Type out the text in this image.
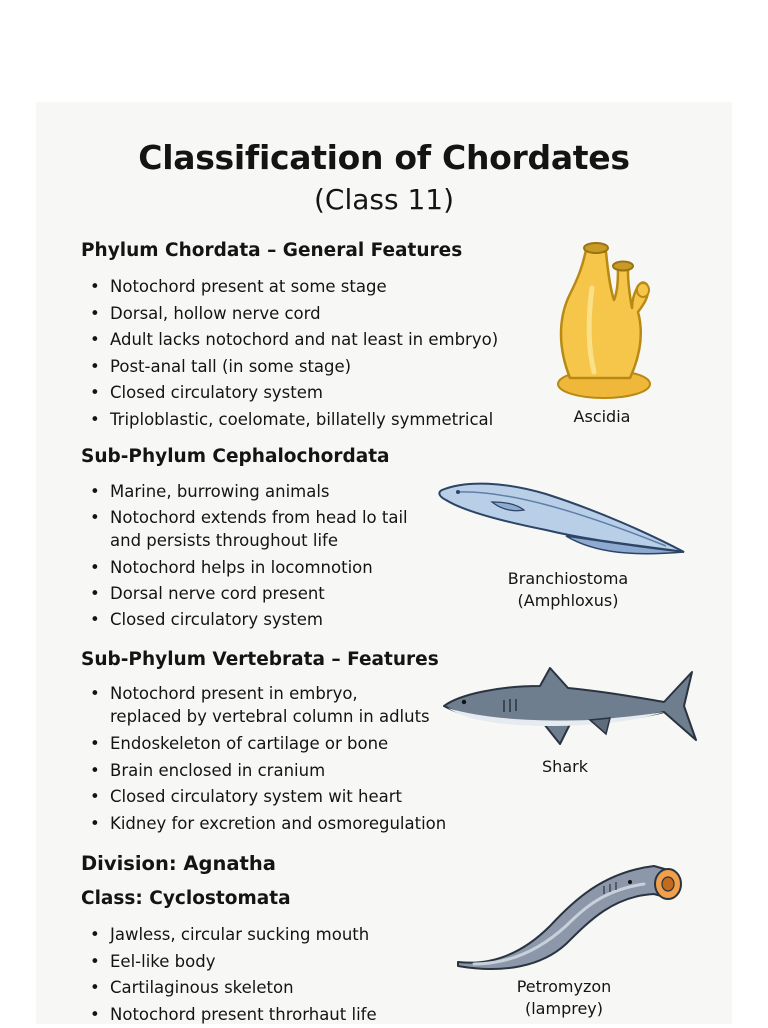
Classification of Chordates
(Class 11)
Phylum Chordata – General Features
• Notochord present at some stage
• Dorsal, hollow nerve cord
• Adult lacks notochord and nat least in embryo)
• Post-anal tall (in some stage)
• Closed circulatory system
• Triploblastic, coelomate, billatelly symmetrical
Sub-Phylum Cephalochordata
• Marine, burrowing animals
• Notochord extends from head lo tail
and persists throughout life
• Notochord helps in locomnotion
• Dorsal nerve cord present
• Closed circulatory system
Sub-Phylum Vertebrata – Features
• Notochord present in embryo,
replaced by vertebral column in adluts
• Endoskeleton of cartilage or bone
• Brain enclosed in cranium
• Closed circulatory system wit heart
• Kidney for excretion and osmoregulation
Division: Agnatha
Class: Cyclostomata
• Jawless, circular sucking mouth
• Eel-like body
• Cartilaginous skeleton
• Notochord present throrhaut life
Ascidia
Branchiostoma
(Amphloxus)
Shark
Petromyzon
(lamprey)
